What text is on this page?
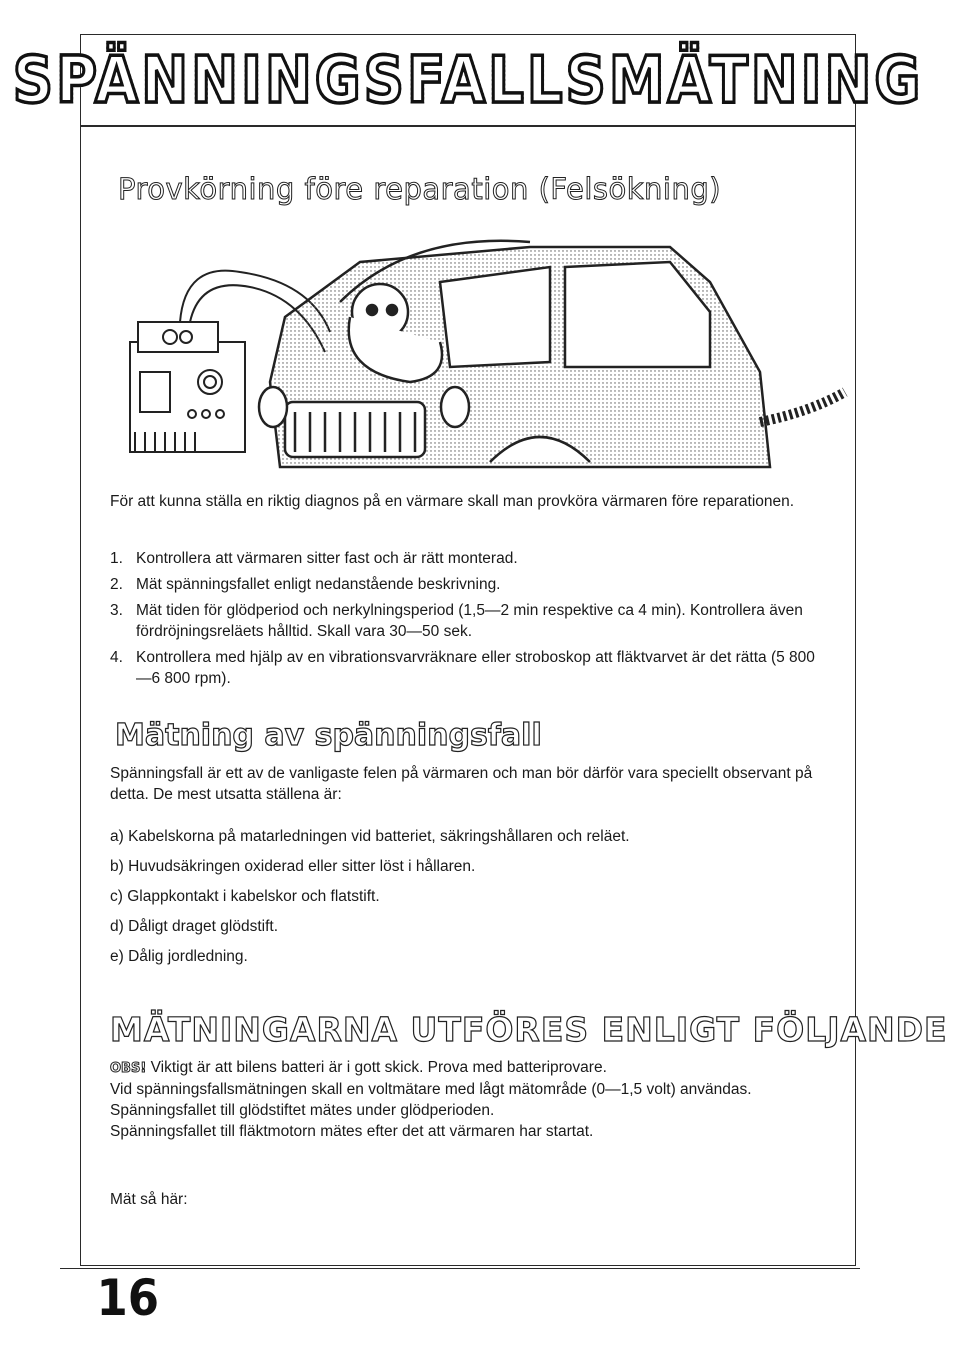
SPÄNNINGSFALLSMÄTNING
Provkörning före reparation (Felsökning)

För att kunna ställa en riktig diagnos på en värmare skall man provköra värmaren före reparationen.

1. Kontrollera att värmaren sitter fast och är rätt monterad.
2. Mät spänningsfallet enligt nedanstående beskrivning.
3. Mät tiden för glödperiod och nerkylningsperiod (1,5—2 min respektive ca 4 min). Kontrollera även fördröjningsreläets hålltid. Skall vara 30—50 sek.
4. Kontrollera med hjälp av en vibrationsvarvräknare eller stroboskop att fläktvarvet är det rätta (5 800—6 800 rpm).
Mätning av spänningsfall

Spänningsfall är ett av de vanligaste felen på värmaren och man bör därför vara speciellt observant på detta. De mest utsatta ställena är:

a) Kabelskorna på matarledningen vid batteriet, säkringshållaren och reläet.
b) Huvudsäkringen oxiderad eller sitter löst i hållaren.
c) Glappkontakt i kabelskor och flatstift.
d) Dåligt draget glödstift.
e) Dålig jordledning.
MÄTNINGARNA UTFÖRES ENLIGT FÖLJANDE

OBS! Viktigt är att bilens batteri är i gott skick. Prova med batteriprovare.

Vid spänningsfallsmätningen skall en voltmätare med lågt mätområde (0—1,5 volt) användas.

Spänningsfallet till glödstiftet mätes under glödperioden.

Spänningsfallet till fläktmotorn mätes efter det att värmaren har startat.

Mät så här:

16
